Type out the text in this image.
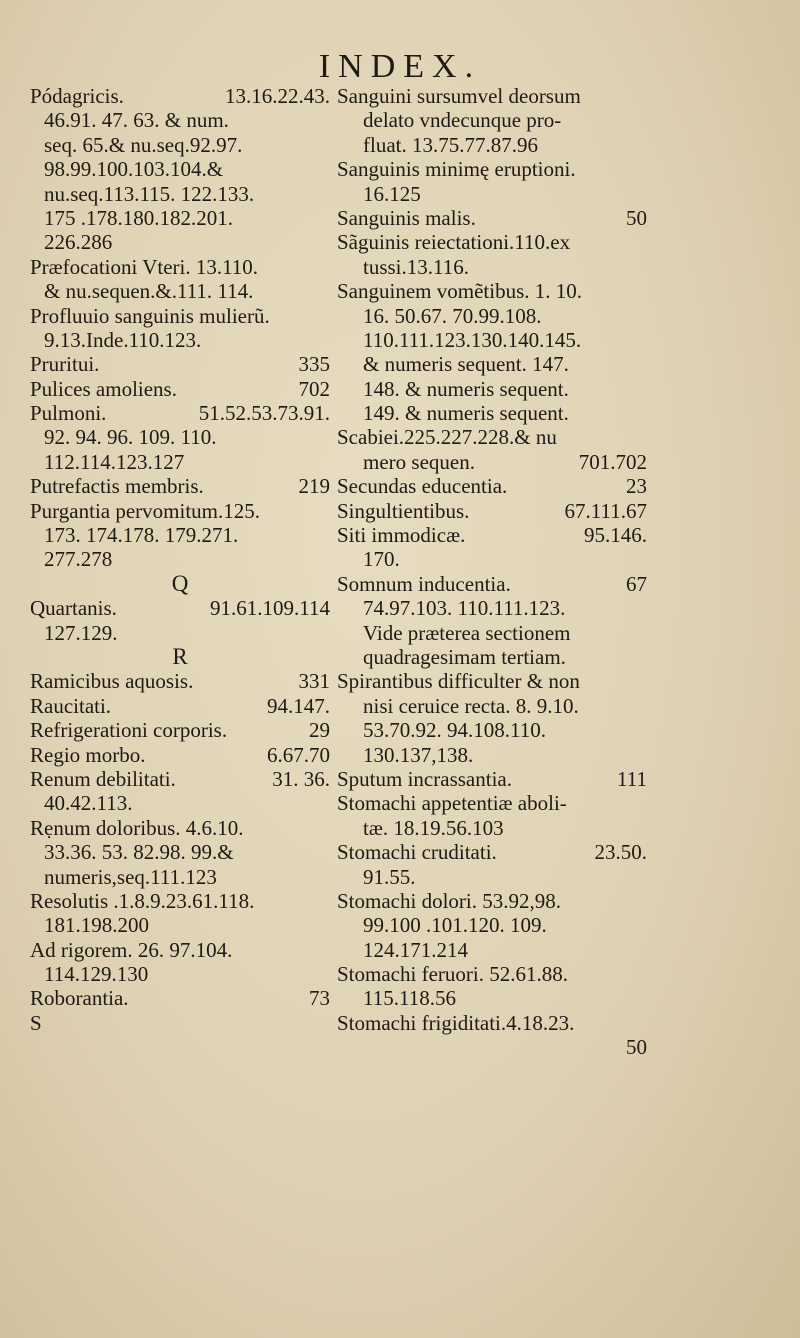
INDEX.
Pódagricis.	13.16.22.43.
46.91. 47. 63. & num.
seq. 65.& nu.seq.92.97.
98.99.100.103.104.&
nu.seq.113.115. 122.133.
175 .178.180.182.201.
226.286
Præfocationi Vteri. 13.110.
& nu.sequen.&.111. 114.
Profluuio sanguinis mulierũ.
9.13.Inde.110.123.
Pruritui.	335
Pulices amoliens.	702
Pulmoni.	51.52.53.73.91.
92. 94. 96. 109. 110.
112.114.123.127
Putrefactis membris.	219
Purgantia pervomitum.125.
173. 174.178. 179.271.
277.278
Q
Quartanis.	91.61.109.114
127.129.
R
Ramicibus aquosis.	331
Raucitati.	94.147.
Refrigerationi corporis.	29
Regio morbo.	6.67.70
Renum debilitati.	31. 36.
40.42.113.
Rẹnum doloribus. 4.6.10.
33.36. 53. 82.98. 99.&
numeris,seq.111.123
Resolutis .1.8.9.23.61.118.
181.198.200
Ad rigorem. 26. 97.104.
114.129.130
Roborantia.	73
S
Sanguini sursumvel deorsum
delato vndecunque pro-
fluat. 13.75.77.87.96
Sanguinis minimę eruptioni.
16.125
Sanguinis malis.	50
Sãguinis reiectationi.110.ex
tussi.13.116.
Sanguinem vomẽtibus. 1. 10.
16. 50.67. 70.99.108.
110.111.123.130.140.145.
& numeris sequent. 147.
148. & numeris sequent.
149. & numeris sequent.
Scabiei.225.227.228.& nu
mero sequen.	701.702
Secundas educentia.	23
Singultientibus.	67.111.67
Siti immodicæ.	95.146.
170.
Somnum inducentia.	67
74.97.103. 110.111.123.
Vide præterea sectionem
quadragesimam tertiam.
Spirantibus difficulter & non
nisi ceruice recta. 8. 9.10.
53.70.92. 94.108.110.
130.137,138.
Sputum incrassantia.	111
Stomachi appetentiæ aboli-
tæ. 18.19.56.103
Stomachi cruditati.	23.50.
91.55.
Stomachi dolori. 53.92,98.
99.100 .101.120. 109.
124.171.214
Stomachi feruori. 52.61.88.
115.118.56
Stomachi frigiditati.4.18.23.
50
